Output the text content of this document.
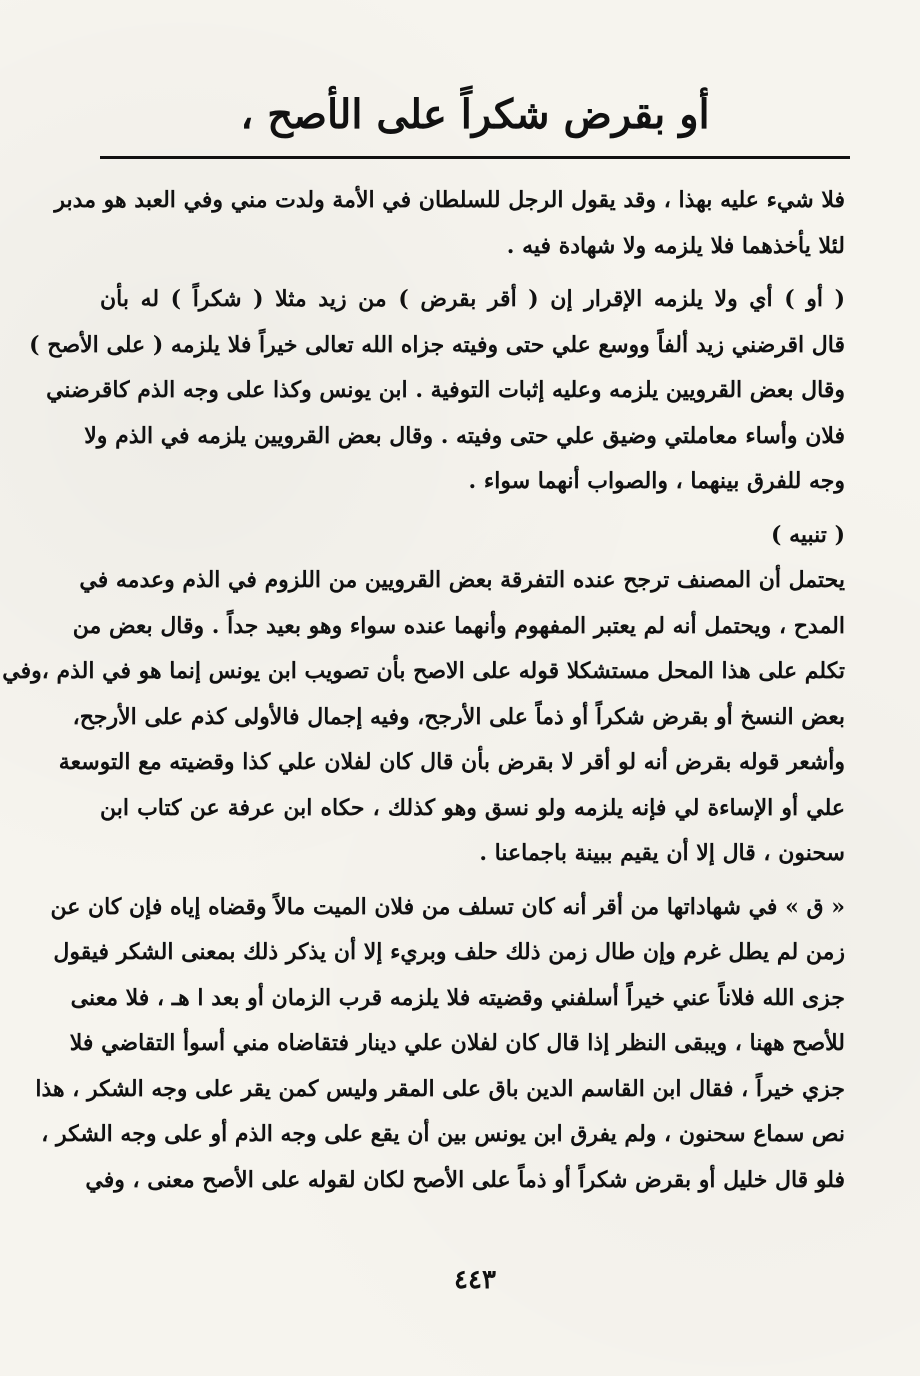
أو بقرض شكراً على الأصح ،
فلا شيء عليه بهذا ، وقد يقول الرجل للسلطان في الأمة ولدت مني وفي العبد هو مدبر
لئلا يأخذهما فلا يلزمه ولا شهادة فيه .
( أو ) أي ولا يلزمه الإقرار إن ( أقر بقرض ) من زيد مثلا ( شكراً ) له بأن
قال اقرضني زيد ألفاً ووسع علي حتى وفيته جزاه الله تعالى خيراً فلا يلزمه ( على الأصح )
وقال بعض القرويين يلزمه وعليه إثبات التوفية . ابن يونس وكذا على وجه الذم كاقرضني
فلان وأساء معاملتي وضيق علي حتى وفيته . وقال بعض القرويين يلزمه في الذم ولا
وجه للفرق بينهما ، والصواب أنهما سواء .
( تنبيه )
يحتمل أن المصنف ترجح عنده التفرقة بعض القرويين من اللزوم في الذم وعدمه في
المدح ، ويحتمل أنه لم يعتبر المفهوم وأنهما عنده سواء وهو بعيد جداً . وقال بعض من
تكلم على هذا المحل مستشكلا قوله على الاصح بأن تصويب ابن يونس إنما هو في الذم ،وفي
بعض النسخ أو بقرض شكراً أو ذماً على الأرجح، وفيه إجمال فالأولى كذم على الأرجح،
وأشعر قوله بقرض أنه لو أقر لا بقرض بأن قال كان لفلان علي كذا وقضيته مع التوسعة
علي أو الإساءة لي فإنه يلزمه ولو نسق وهو كذلك ، حكاه ابن عرفة عن كتاب ابن
سحنون ، قال إلا أن يقيم ببينة باجماعنا .
« ق » في شهاداتها من أقر أنه كان تسلف من فلان الميت مالاً وقضاه إياه فإن كان عن
زمن لم يطل غرم وإن طال زمن ذلك حلف وبريء إلا أن يذكر ذلك بمعنى الشكر فيقول
جزى الله فلاناً عني خيراً أسلفني وقضيته فلا يلزمه قرب الزمان أو بعد ا هـ ، فلا معنى
للأصح ههنا ، ويبقى النظر إذا قال كان لفلان علي دينار فتقاضاه مني أسوأ التقاضي فلا
جزي خيراً ، فقال ابن القاسم الدين باق على المقر وليس كمن يقر على وجه الشكر ، هذا
نص سماع سحنون ، ولم يفرق ابن يونس بين أن يقع على وجه الذم أو على وجه الشكر ،
فلو قال خليل أو بقرض شكراً أو ذماً على الأصح لكان لقوله على الأصح معنى ، وفي
٤٤٣
